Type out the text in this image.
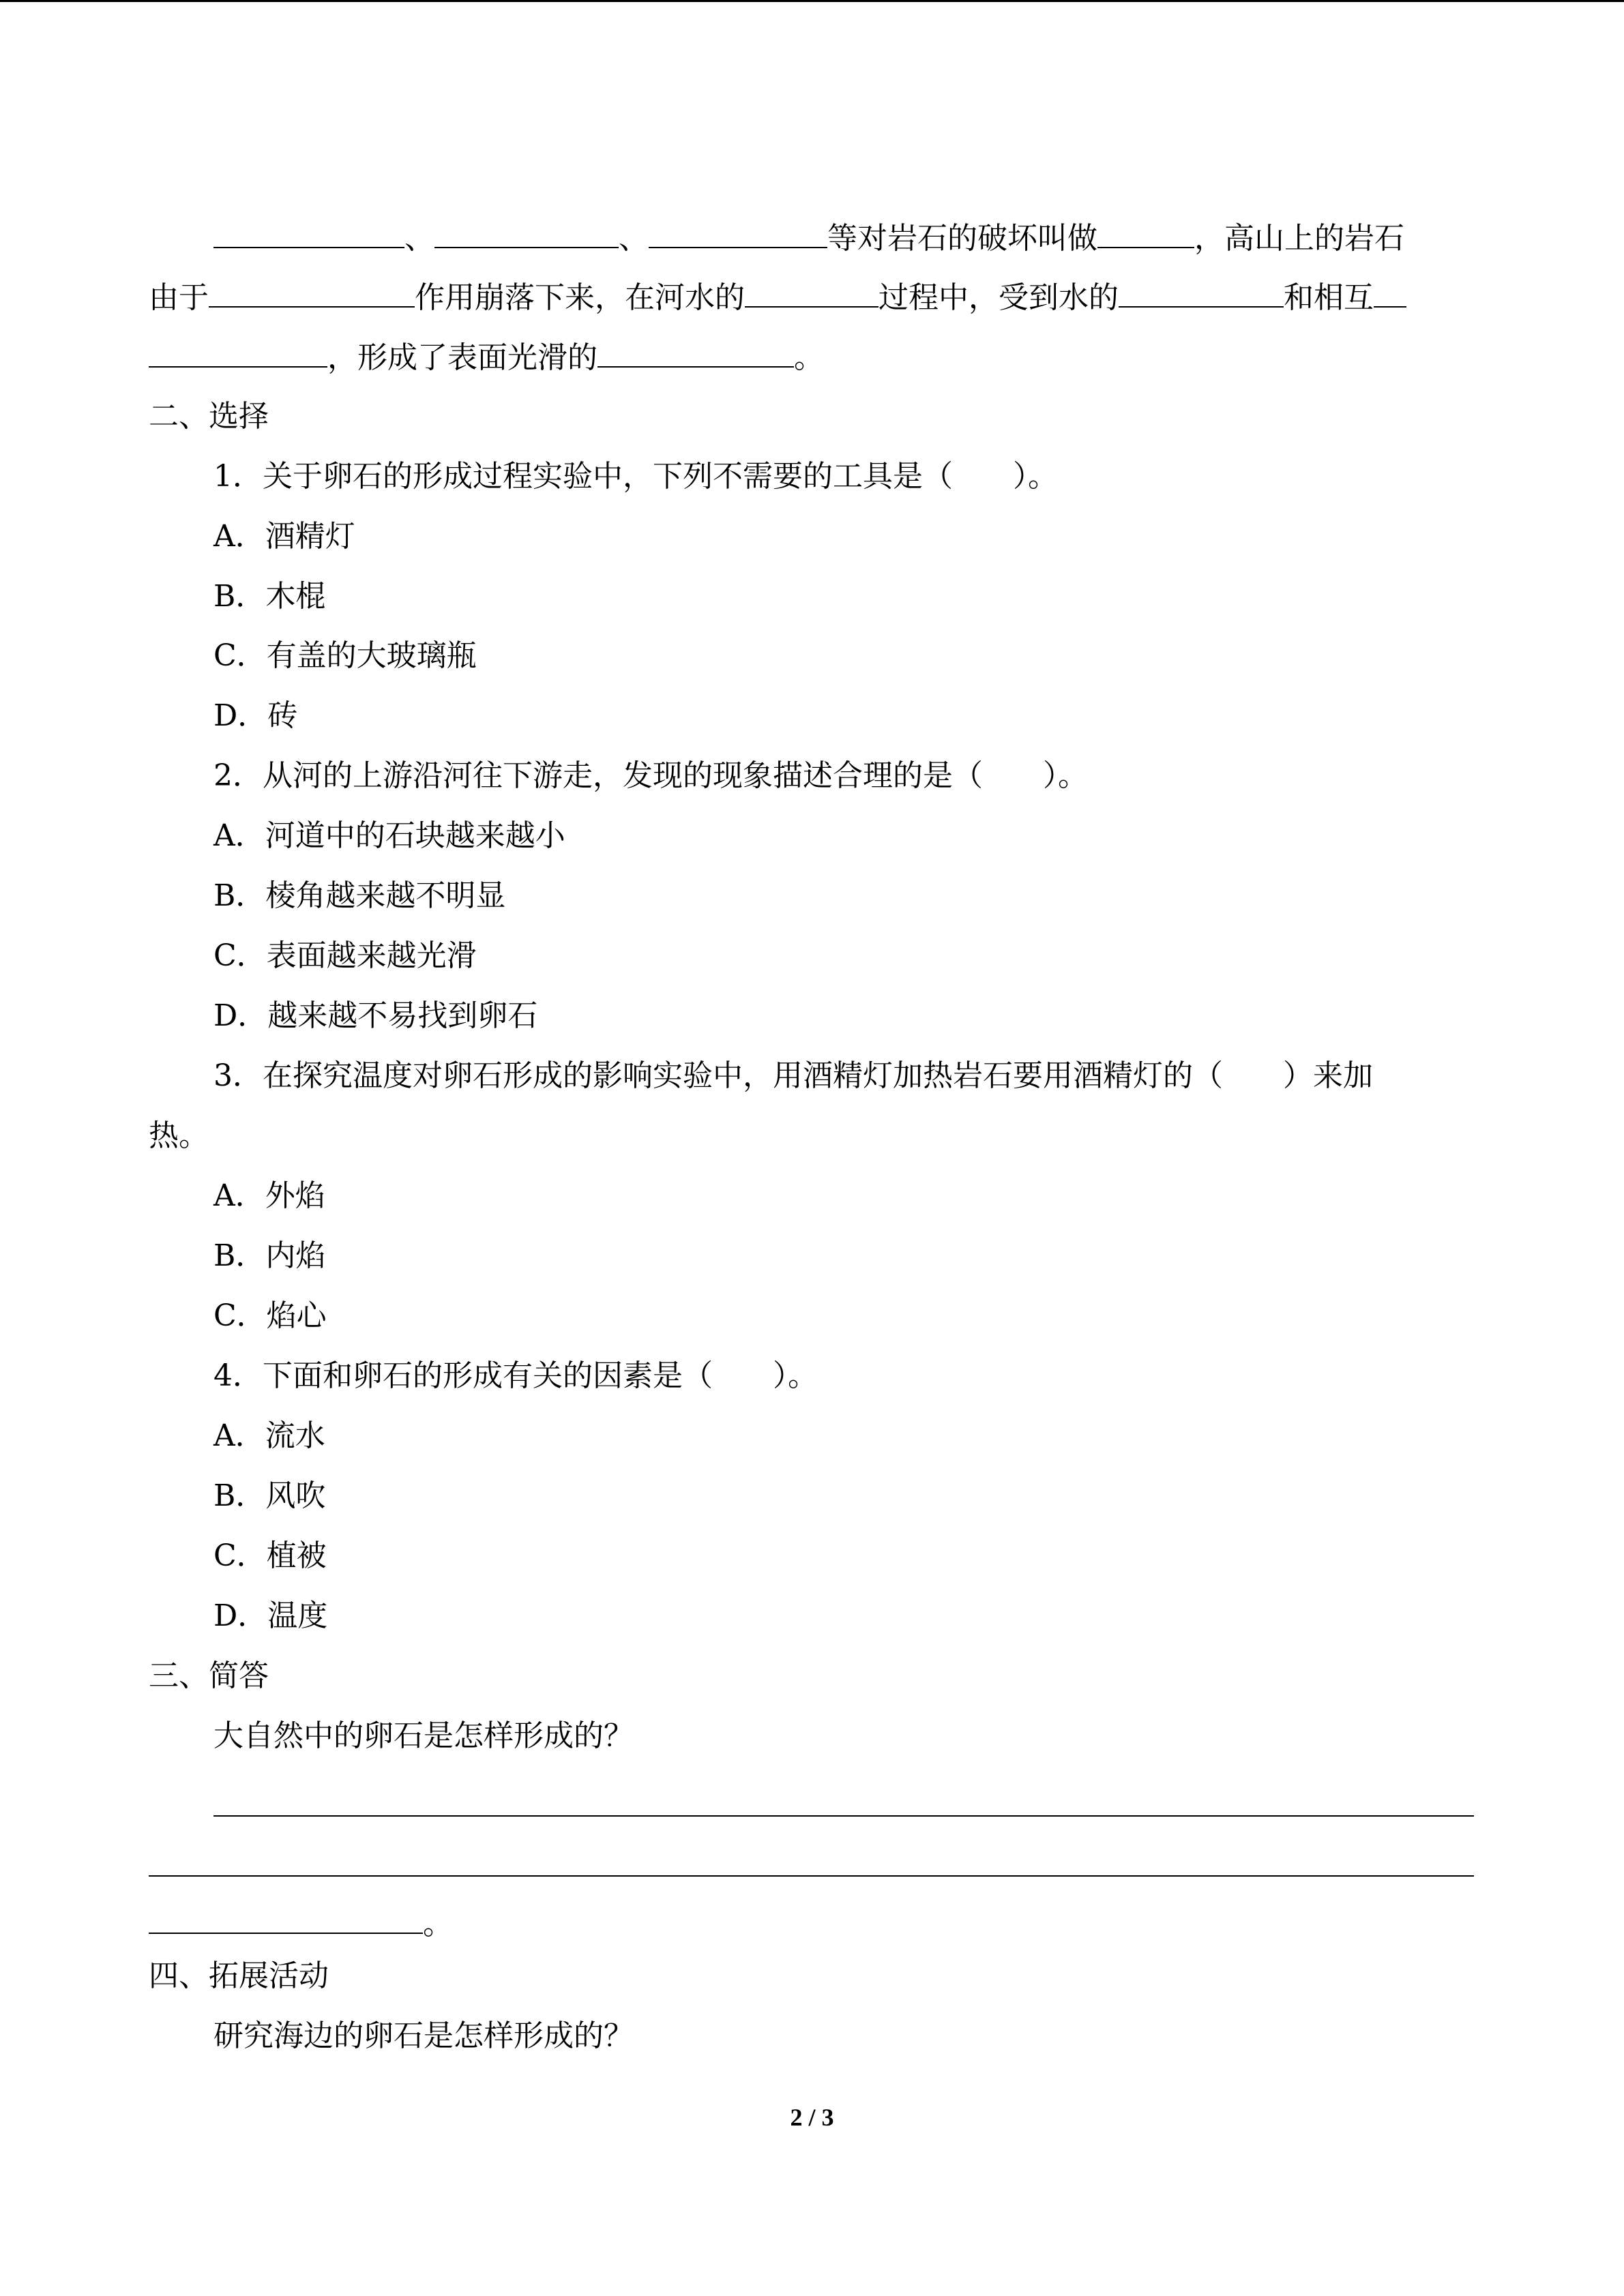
、	、	等对岩石的破坏叫做	，高山上的岩石
由于	作用崩落下来，在河水的	过程中，受到水的	和相互
，形成了表面光滑的	。
二、选择
1．关于卵石的形成过程实验中，下列不需要的工具是（　　）。
A．酒精灯
B．木棍
C．有盖的大玻璃瓶
D．砖
2．从河的上游沿河往下游走，发现的现象描述合理的是（　　）。
A．河道中的石块越来越小
B．棱角越来越不明显
C．表面越来越光滑
D．越来越不易找到卵石
3．在探究温度对卵石形成的影响实验中，用酒精灯加热岩石要用酒精灯的（　　）来加
热。
A．外焰
B．内焰
C．焰心
4．下面和卵石的形成有关的因素是（　　）。
A．流水
B．风吹
C．植被
D．温度
三、简答
大自然中的卵石是怎样形成的？
。
四、拓展活动
研究海边的卵石是怎样形成的？
2 / 3
